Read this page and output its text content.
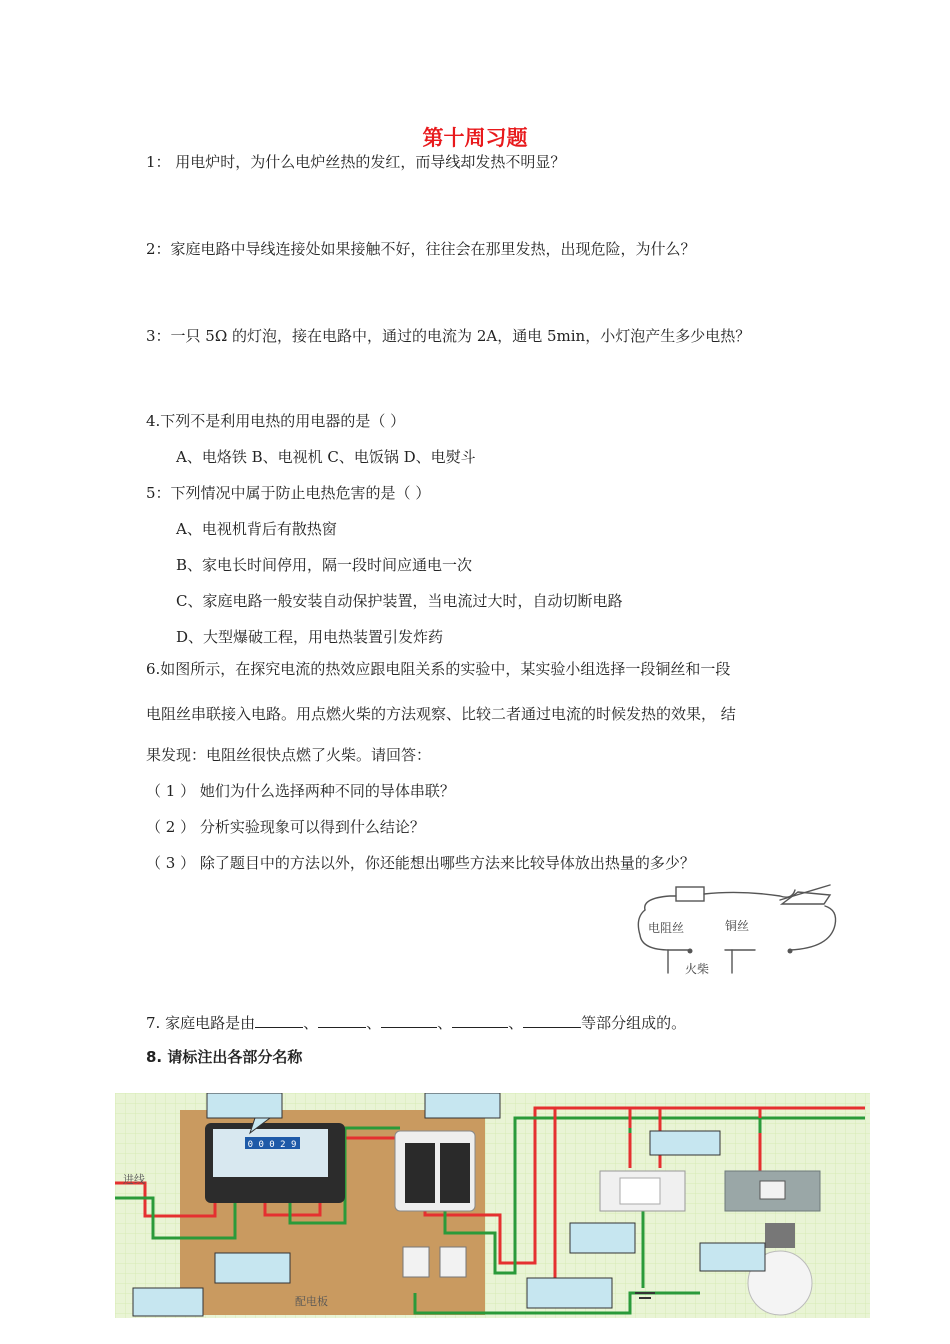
第十周习题
1： 用电炉时，为什么电炉丝热的发红，而导线却发热不明显？
2：家庭电路中导线连接处如果接触不好，往往会在那里发热，出现危险，为什么？
3：一只 5Ω 的灯泡，接在电路中，通过的电流为 2A，通电 5min，小灯泡产生多少电热？
4.下列不是利用电热的用电器的是（ ）
A、电烙铁 B、电视机 C、电饭锅 D、电熨斗
5：下列情况中属于防止电热危害的是（ ）
A、电视机背后有散热窗
B、家电长时间停用，隔一段时间应通电一次
C、家庭电路一般安装自动保护装置，当电流过大时，自动切断电路
D、大型爆破工程，用电热装置引发炸药
6.如图所示，在探究电流的热效应跟电阻关系的实验中，某实验小组选择一段铜丝和一段
电阻丝串联接入电路。用点燃火柴的方法观察、比较二者通过电流的时候发热的效果， 结
果发现：电阻丝很快点燃了火柴。请回答：
（ 1 ） 她们为什么选择两种不同的导体串联？
（ 2 ） 分析实验现象可以得到什么结论？
（ 3 ） 除了题目中的方法以外，你还能想出哪些方法来比较导体放出热量的多少？
电阻丝	铜丝
火柴
7. 家庭电路是由	、	、	、	、	等部分组成的。
8. 请标注出各部分名称
0 0 0 2 9
进线
配电板
